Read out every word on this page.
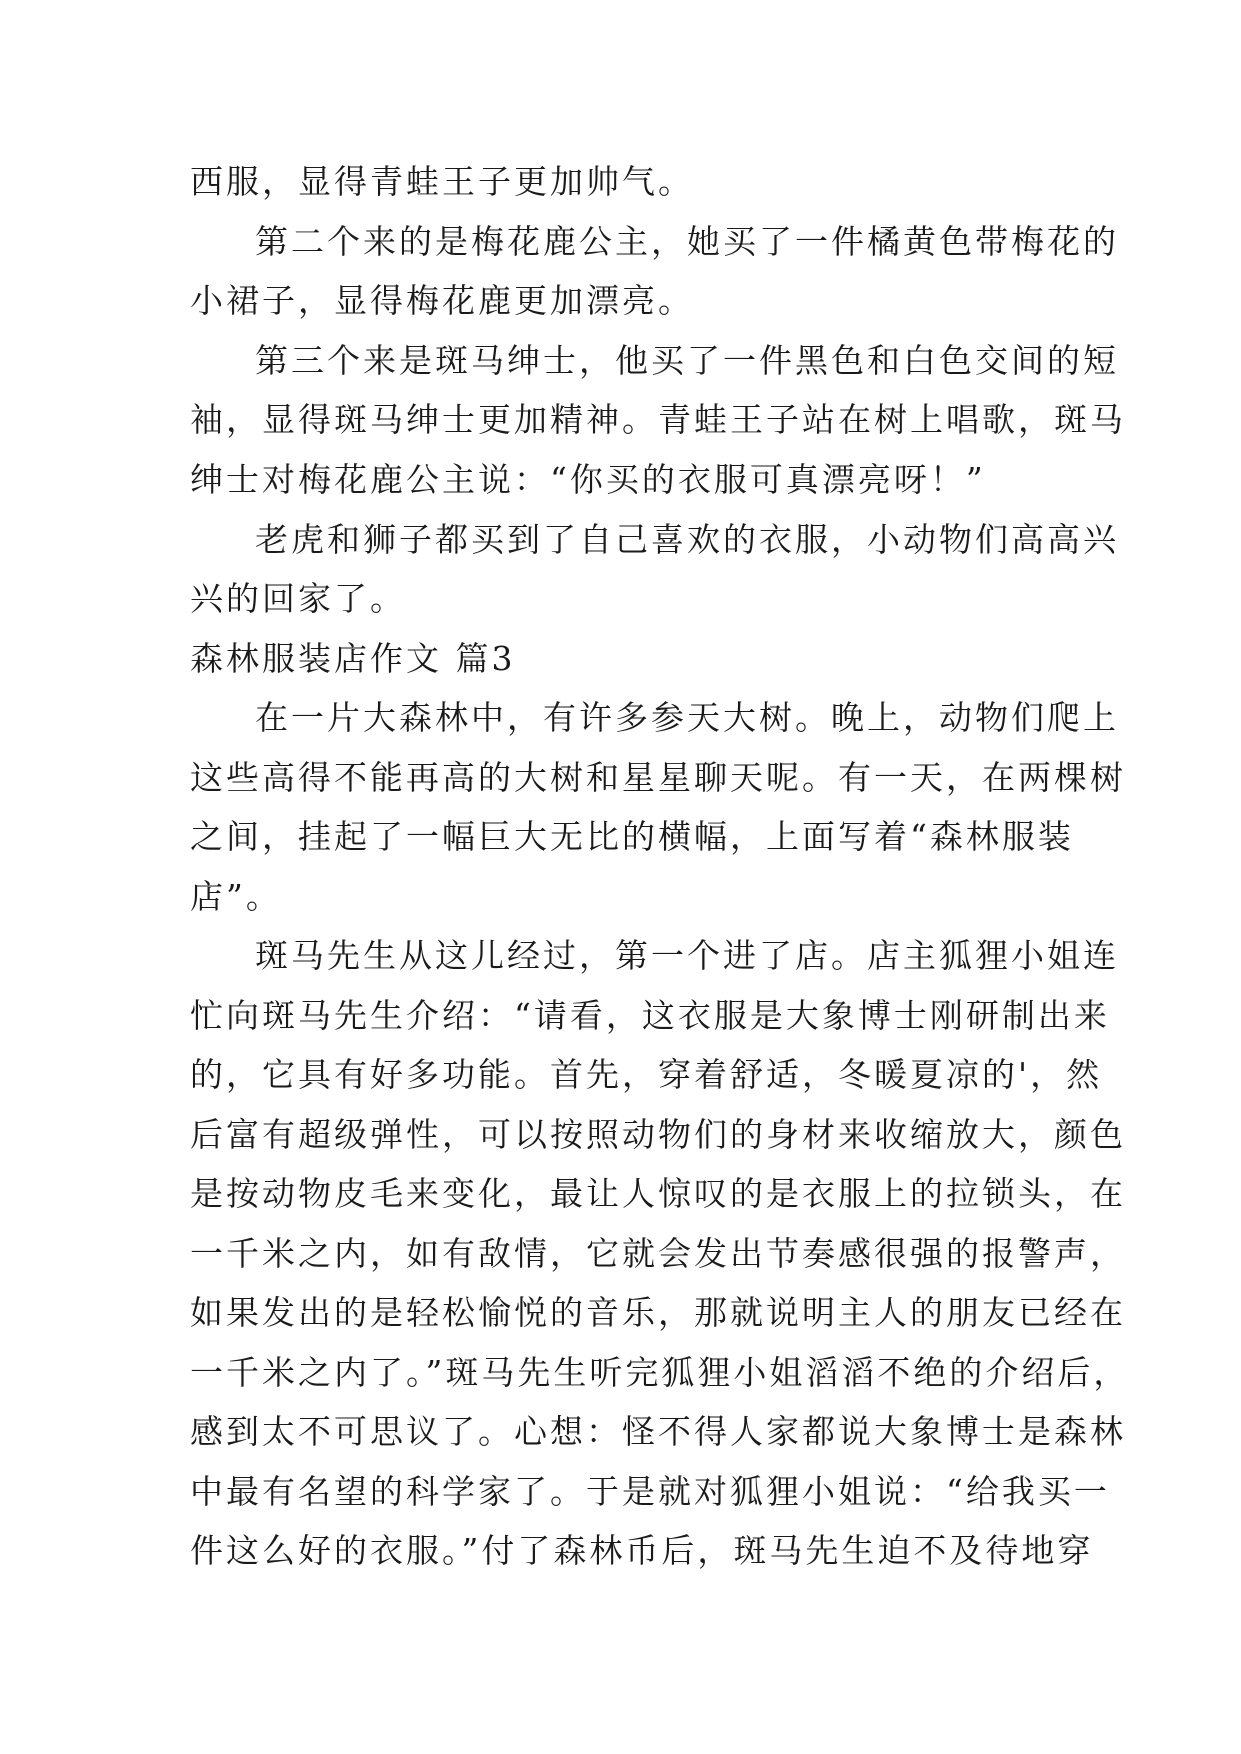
西服，显得青蛙王子更加帅气。

第二个来的是梅花鹿公主，她买了一件橘黄色带梅花的

小裙子，显得梅花鹿更加漂亮。

第三个来是斑马绅士，他买了一件黑色和白色交间的短

袖，显得斑马绅士更加精神。青蛙王子站在树上唱歌，斑马

绅士对梅花鹿公主说：“你买的衣服可真漂亮呀！”

老虎和狮子都买到了自己喜欢的衣服，小动物们高高兴

兴的回家了。

森林服装店作文 篇3

在一片大森林中，有许多参天大树。晚上，动物们爬上

这些高得不能再高的大树和星星聊天呢。有一天，在两棵树

之间，挂起了一幅巨大无比的横幅，上面写着“森林服装

店”。

斑马先生从这儿经过，第一个进了店。店主狐狸小姐连

忙向斑马先生介绍：“请看，这衣服是大象博士刚研制出来

的，它具有好多功能。首先，穿着舒适，冬暖夏凉的'，然

后富有超级弹性，可以按照动物们的身材来收缩放大，颜色

是按动物皮毛来变化，最让人惊叹的是衣服上的拉锁头，在

一千米之内，如有敌情，它就会发出节奏感很强的报警声，

如果发出的是轻松愉悦的音乐，那就说明主人的朋友已经在

一千米之内了。”斑马先生听完狐狸小姐滔滔不绝的介绍后，

感到太不可思议了。心想：怪不得人家都说大象博士是森林

中最有名望的科学家了。于是就对狐狸小姐说：“给我买一

件这么好的衣服。”付了森林币后，斑马先生迫不及待地穿
